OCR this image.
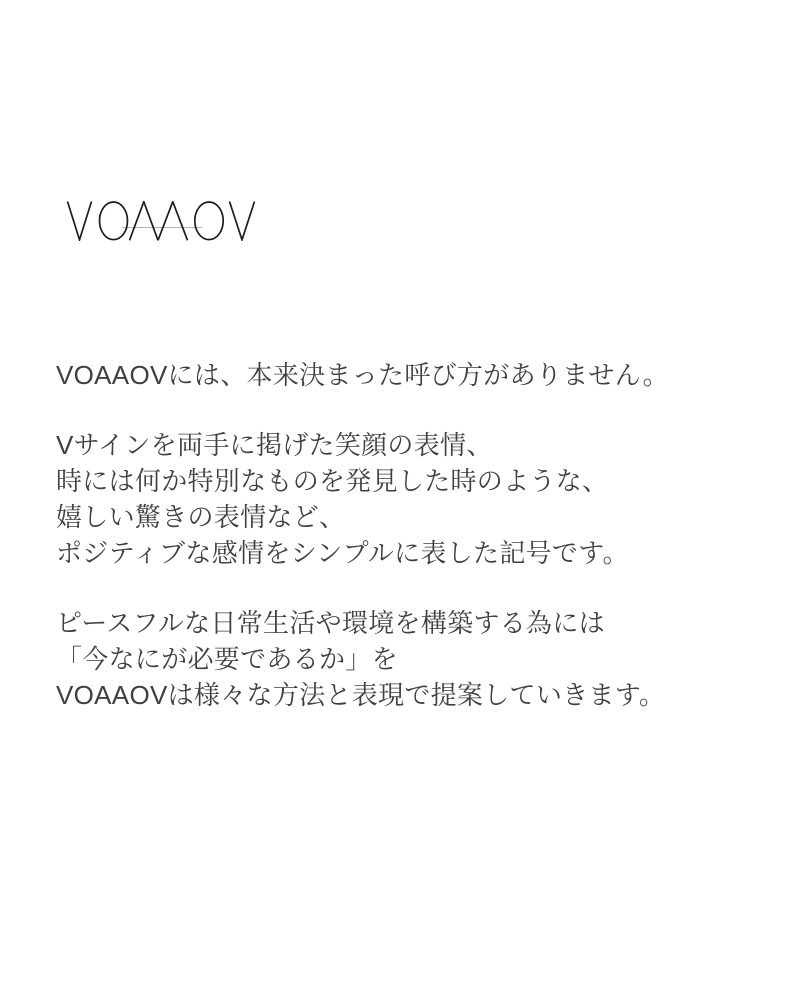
VOAAOVには、本来決まった呼び方がありません。

Vサインを両手に掲げた笑顔の表情、
時には何か特別なものを発見した時のような、
嬉しい驚きの表情など、
ポジティブな感情をシンプルに表した記号です。

ピースフルな日常生活や環境を構築する為には
「今なにが必要であるか」を
VOAAOVは様々な方法と表現で提案していきます。
